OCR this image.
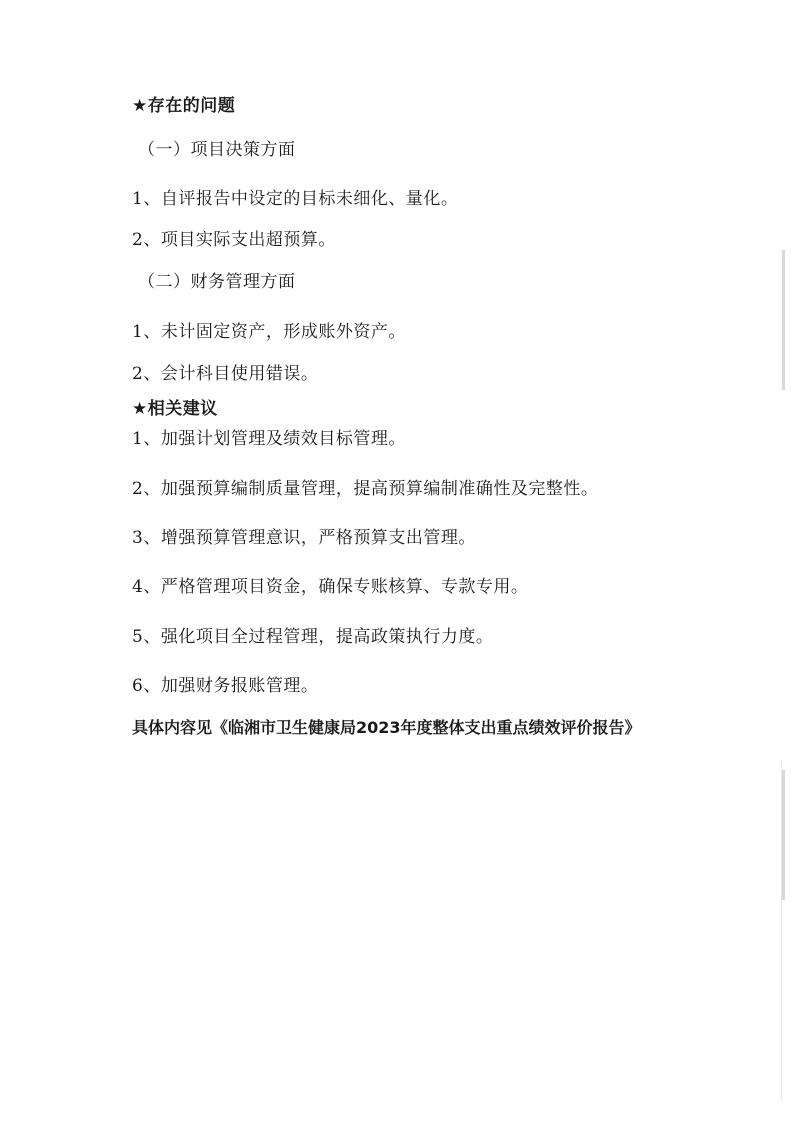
★存在的问题
（一）项目决策方面
1、自评报告中设定的目标未细化、量化。
2、项目实际支出超预算。
（二）财务管理方面
1、未计固定资产，形成账外资产。
2、会计科目使用错误。
★相关建议
1、加强计划管理及绩效目标管理。
2、加强预算编制质量管理，提高预算编制准确性及完整性。
3、增强预算管理意识，严格预算支出管理。
4、严格管理项目资金，确保专账核算、专款专用。
5、强化项目全过程管理，提高政策执行力度。
6、加强财务报账管理。
具体内容见《临湘市卫生健康局2023年度整体支出重点绩效评价报告》
